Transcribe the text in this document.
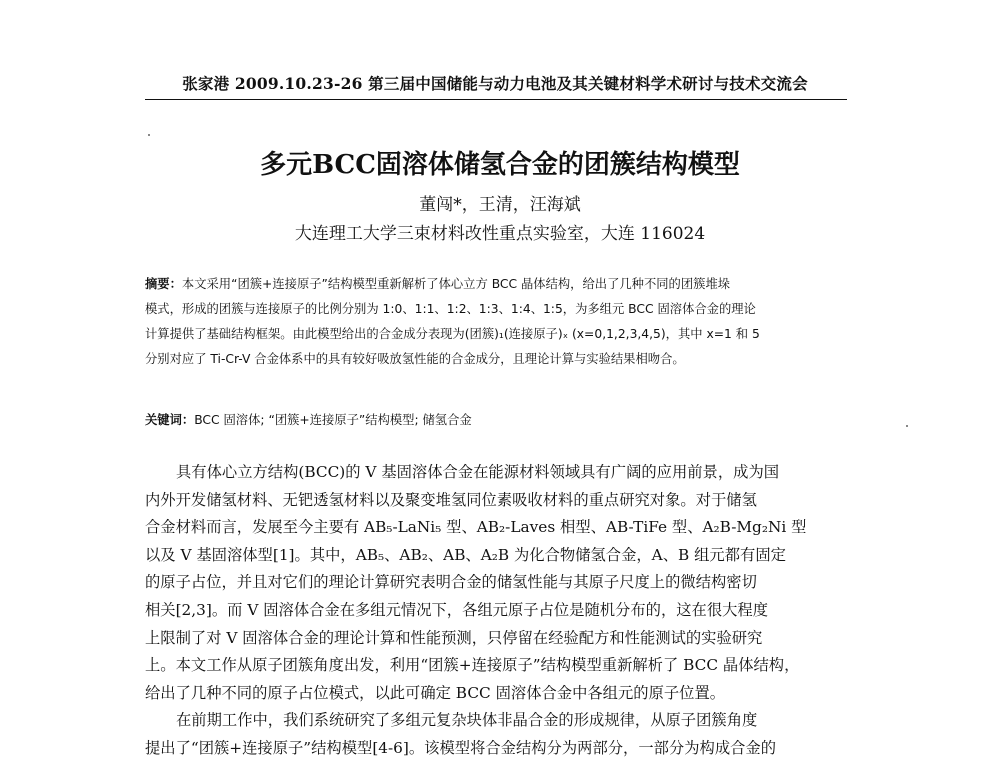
张家港 2009.10.23-26 第三届中国储能与动力电池及其关键材料学术研讨与技术交流会
多元BCC固溶体储氢合金的团簇结构模型
董闯*，王清，汪海斌
大连理工大学三束材料改性重点实验室，大连 116024
摘要：本文采用“团簇+连接原子”结构模型重新解析了体心立方 BCC 晶体结构，给出了几种不同的团簇堆垛
模式，形成的团簇与连接原子的比例分别为 1:0、1:1、1:2、1:3、1:4、1:5，为多组元 BCC 固溶体合金的理论
计算提供了基础结构框架。由此模型给出的合金成分表现为(团簇)₁(连接原子)ₓ (x=0,1,2,3,4,5)，其中 x=1 和 5
分别对应了 Ti-Cr-V 合金体系中的具有较好吸放氢性能的合金成分，且理论计算与实验结果相吻合。
关键词：BCC 固溶体; “团簇+连接原子”结构模型; 储氢合金
具有体心立方结构(BCC)的 V 基固溶体合金在能源材料领域具有广阔的应用前景，成为国
内外开发储氢材料、无钯透氢材料以及聚变堆氢同位素吸收材料的重点研究对象。对于储氢
合金材料而言，发展至今主要有 AB₅-LaNi₅ 型、AB₂-Laves 相型、AB-TiFe 型、A₂B-Mg₂Ni 型
以及 V 基固溶体型[1]。其中，AB₅、AB₂、AB、A₂B 为化合物储氢合金，A、B 组元都有固定
的原子占位，并且对它们的理论计算研究表明合金的储氢性能与其原子尺度上的微结构密切
相关[2,3]。而 V 固溶体合金在多组元情况下，各组元原子占位是随机分布的，这在很大程度
上限制了对 V 固溶体合金的理论计算和性能预测，只停留在经验配方和性能测试的实验研究
上。本文工作从原子团簇角度出发，利用“团簇+连接原子”结构模型重新解析了 BCC 晶体结构，
给出了几种不同的原子占位模式，以此可确定 BCC 固溶体合金中各组元的原子位置。
在前期工作中，我们系统研究了多组元复杂块体非晶合金的形成规律，从原子团簇角度
提出了“团簇+连接原子”结构模型[4-6]。该模型将合金结构分为两部分，一部分为构成合金的
